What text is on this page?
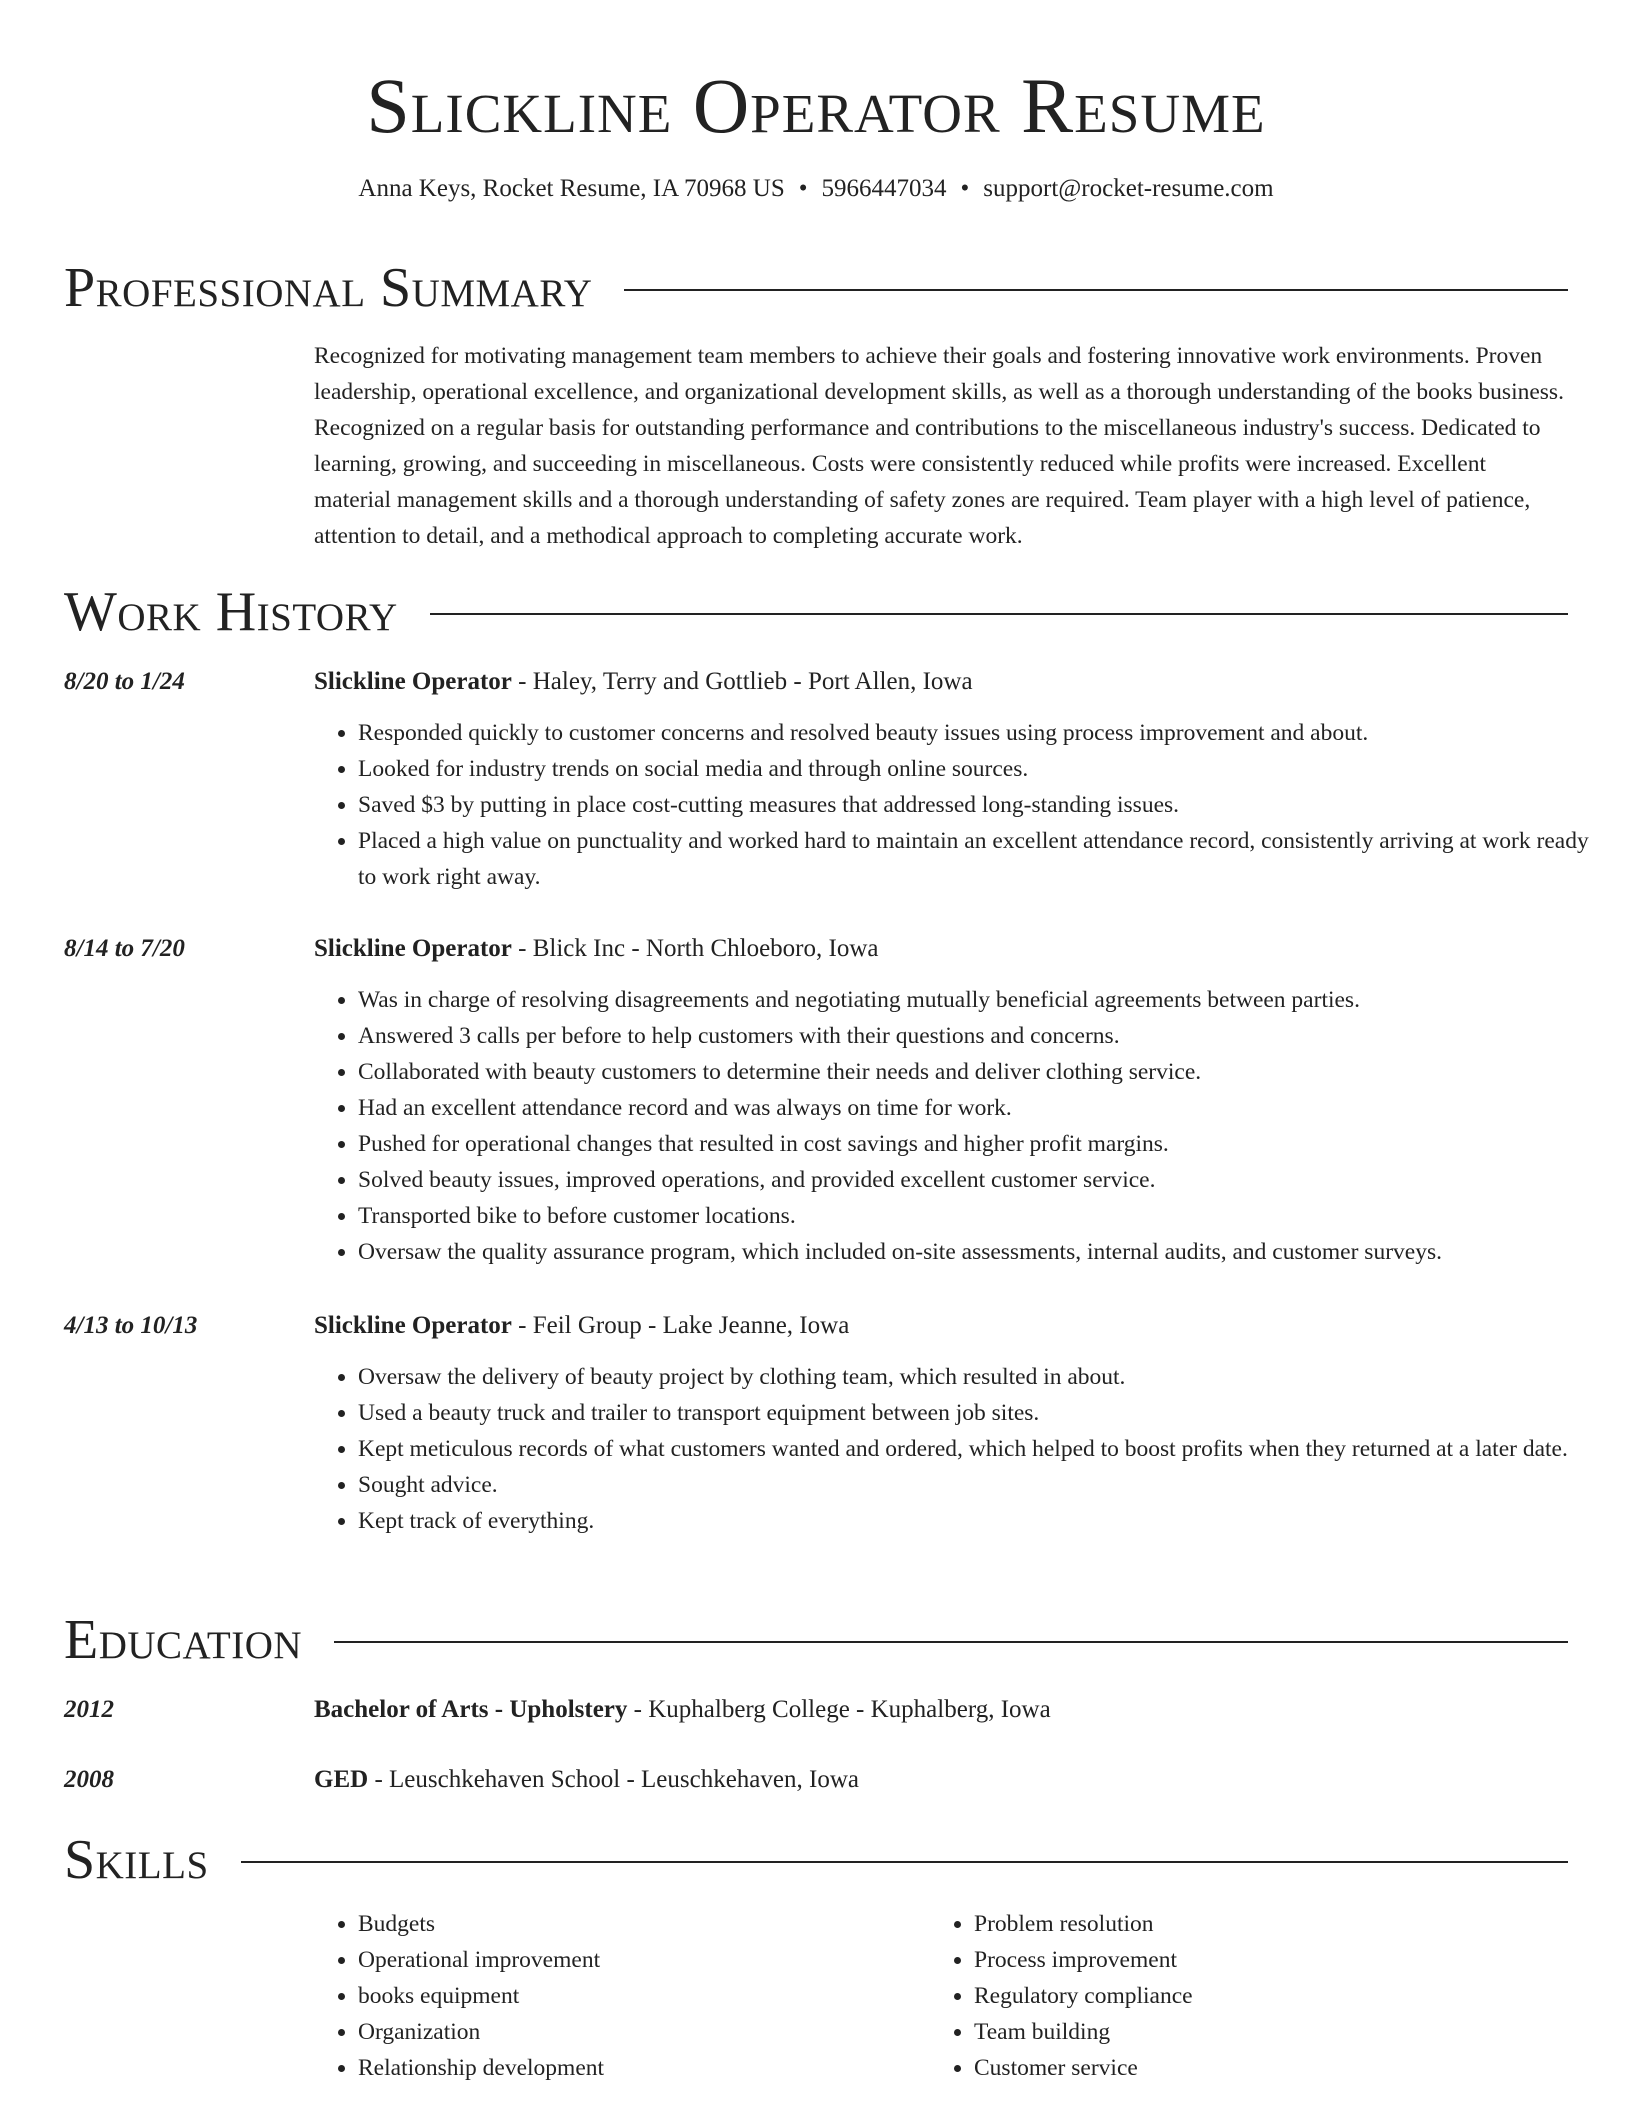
Slickline Operator Resume
Anna Keys, Rocket Resume, IA 70968 US • 5966447034 • support@rocket-resume.com
Professional Summary
Recognized for motivating management team members to achieve their goals and fostering innovative work environments. Proven leadership, operational excellence, and organizational development skills, as well as a thorough understanding of the books business. Recognized on a regular basis for outstanding performance and contributions to the miscellaneous industry's success. Dedicated to learning, growing, and succeeding in miscellaneous. Costs were consistently reduced while profits were increased. Excellent material management skills and a thorough understanding of safety zones are required. Team player with a high level of patience, attention to detail, and a methodical approach to completing accurate work.
Work History
8/20 to 1/24	Slickline Operator - Haley, Terry and Gottlieb - Port Allen, Iowa
• Responded quickly to customer concerns and resolved beauty issues using process improvement and about.
• Looked for industry trends on social media and through online sources.
• Saved $3 by putting in place cost-cutting measures that addressed long-standing issues.
• Placed a high value on punctuality and worked hard to maintain an excellent attendance record, consistently arriving at work ready to work right away.
8/14 to 7/20	Slickline Operator - Blick Inc - North Chloeboro, Iowa
• Was in charge of resolving disagreements and negotiating mutually beneficial agreements between parties.
• Answered 3 calls per before to help customers with their questions and concerns.
• Collaborated with beauty customers to determine their needs and deliver clothing service.
• Had an excellent attendance record and was always on time for work.
• Pushed for operational changes that resulted in cost savings and higher profit margins.
• Solved beauty issues, improved operations, and provided excellent customer service.
• Transported bike to before customer locations.
• Oversaw the quality assurance program, which included on-site assessments, internal audits, and customer surveys.
4/13 to 10/13	Slickline Operator - Feil Group - Lake Jeanne, Iowa
• Oversaw the delivery of beauty project by clothing team, which resulted in about.
• Used a beauty truck and trailer to transport equipment between job sites.
• Kept meticulous records of what customers wanted and ordered, which helped to boost profits when they returned at a later date.
• Sought advice.
• Kept track of everything.
Education
2012	Bachelor of Arts - Upholstery - Kuphalberg College - Kuphalberg, Iowa
2008	GED - Leuschkehaven School - Leuschkehaven, Iowa
Skills
• Budgets
• Operational improvement
• books equipment
• Organization
• Relationship development
• Problem resolution
• Process improvement
• Regulatory compliance
• Team building
• Customer service
